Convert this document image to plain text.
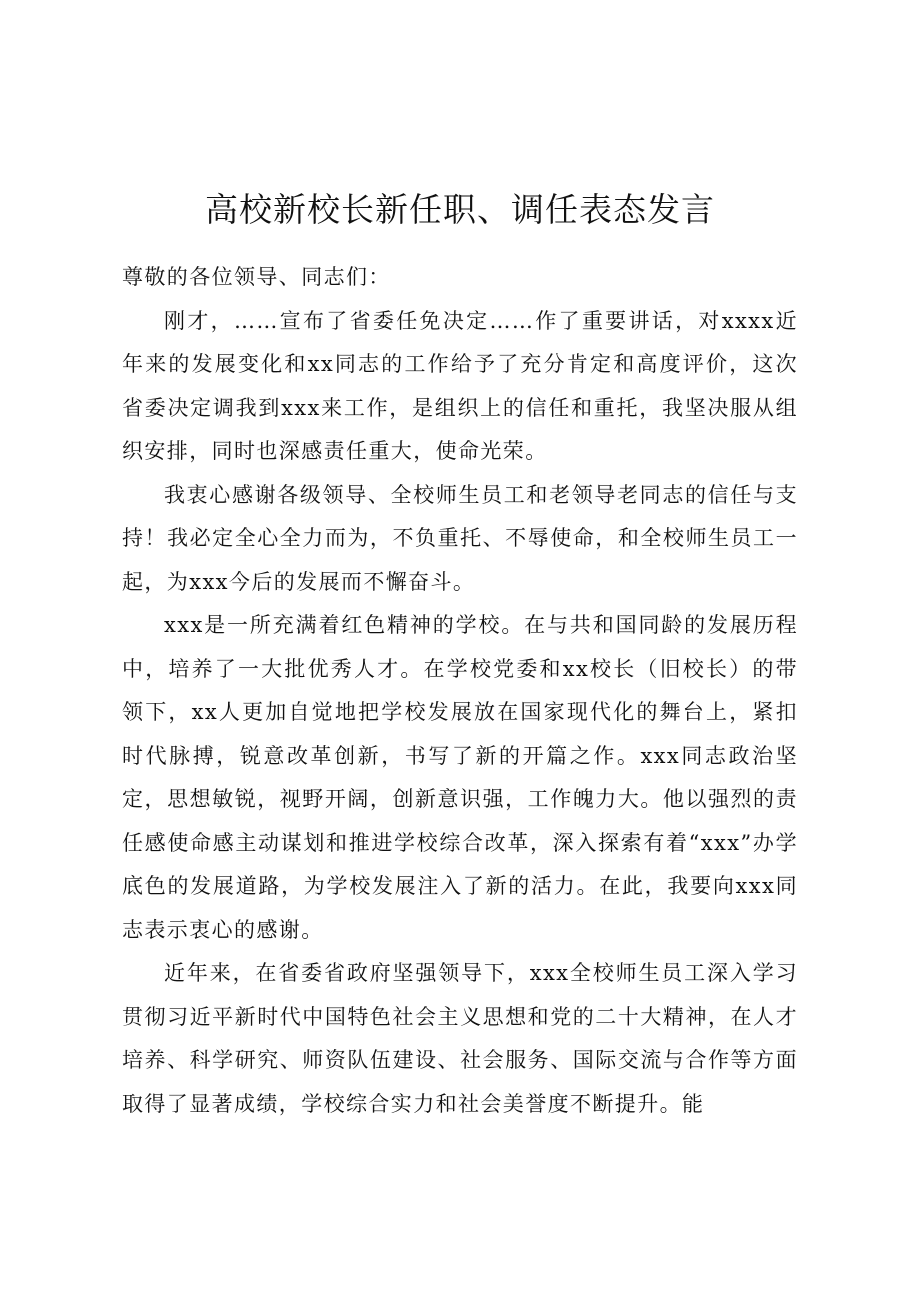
高校新校长新任职、调任表态发言

尊敬的各位领导、同志们：

刚才，……宣布了省委任免决定……作了重要讲话，对xxxx近年来的发展变化和xx同志的工作给予了充分肯定和高度评价，这次省委决定调我到xxx来工作，是组织上的信任和重托，我坚决服从组织安排，同时也深感责任重大，使命光荣。

我衷心感谢各级领导、全校师生员工和老领导老同志的信任与支持！我必定全心全力而为，不负重托、不辱使命，和全校师生员工一起，为xxx今后的发展而不懈奋斗。

xxx是一所充满着红色精神的学校。在与共和国同龄的发展历程中，培养了一大批优秀人才。在学校党委和xx校长（旧校长）的带领下，xx人更加自觉地把学校发展放在国家现代化的舞台上，紧扣时代脉搏，锐意改革创新，书写了新的开篇之作。xxx同志政治坚定，思想敏锐，视野开阔，创新意识强，工作魄力大。他以强烈的责任感使命感主动谋划和推进学校综合改革，深入探索有着“xxx”办学底色的发展道路，为学校发展注入了新的活力。在此，我要向xxx同志表示衷心的感谢。

近年来，在省委省政府坚强领导下，xxx全校师生员工深入学习贯彻习近平新时代中国特色社会主义思想和党的二十大精神，在人才培养、科学研究、师资队伍建设、社会服务、国际交流与合作等方面取得了显著成绩，学校综合实力和社会美誉度不断提升。能
